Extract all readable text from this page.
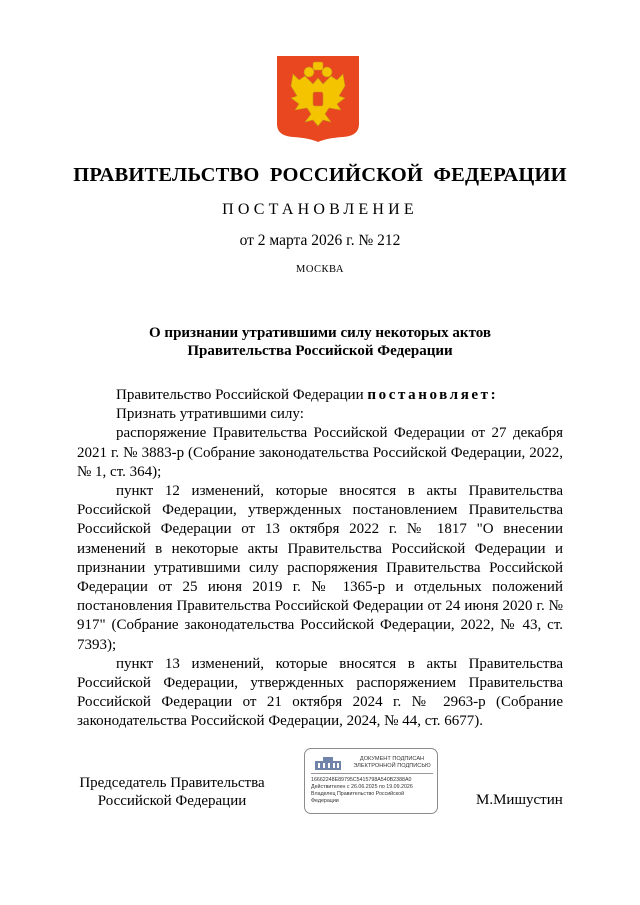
ПРАВИТЕЛЬСТВО РОССИЙСКОЙ ФЕДЕРАЦИИ
ПОСТАНОВЛЕНИЕ
от 2 марта 2026 г. № 212
МОСКВА
О признании утратившими силу некоторых актов
Правительства Российской Федерации

Правительство Российской Федерации постановляет:

Признать утратившими силу:

распоряжение Правительства Российской Федерации от 27 декабря 2021 г. № 3883-р (Собрание законодательства Российской Федерации, 2022, № 1, ст. 364);

пункт 12 изменений, которые вносятся в акты Правительства Российской Федерации, утвержденных постановлением Правительства Российской Федерации от 13 октября 2022 г. № 1817 "О внесении изменений в некоторые акты Правительства Российской Федерации и признании утратившими силу распоряжения Правительства Российской Федерации от 25 июня 2019 г. № 1365-р и отдельных положений постановления Правительства Российской Федерации от 24 июня 2020 г. № 917" (Собрание законодательства Российской Федерации, 2022, № 43, ст. 7393);

пункт 13 изменений, которые вносятся в акты Правительства Российской Федерации, утвержденных распоряжением Правительства Российской Федерации от 21 октября 2024 г. № 2963-р (Собрание законодательства Российской Федерации, 2024, № 44, ст. 6677).

Председатель Правительства
Российской Федерации
ДОКУМЕНТ ПОДПИСАН
ЭЛЕКТРОННОЙ ПОДПИСЬЮ
16662248E89795C5415798A540B2388A0
Действителен с 26.06.2025 по 19.09.2026
Владелец Правительство Российской
Федерации	М.Мишустин
